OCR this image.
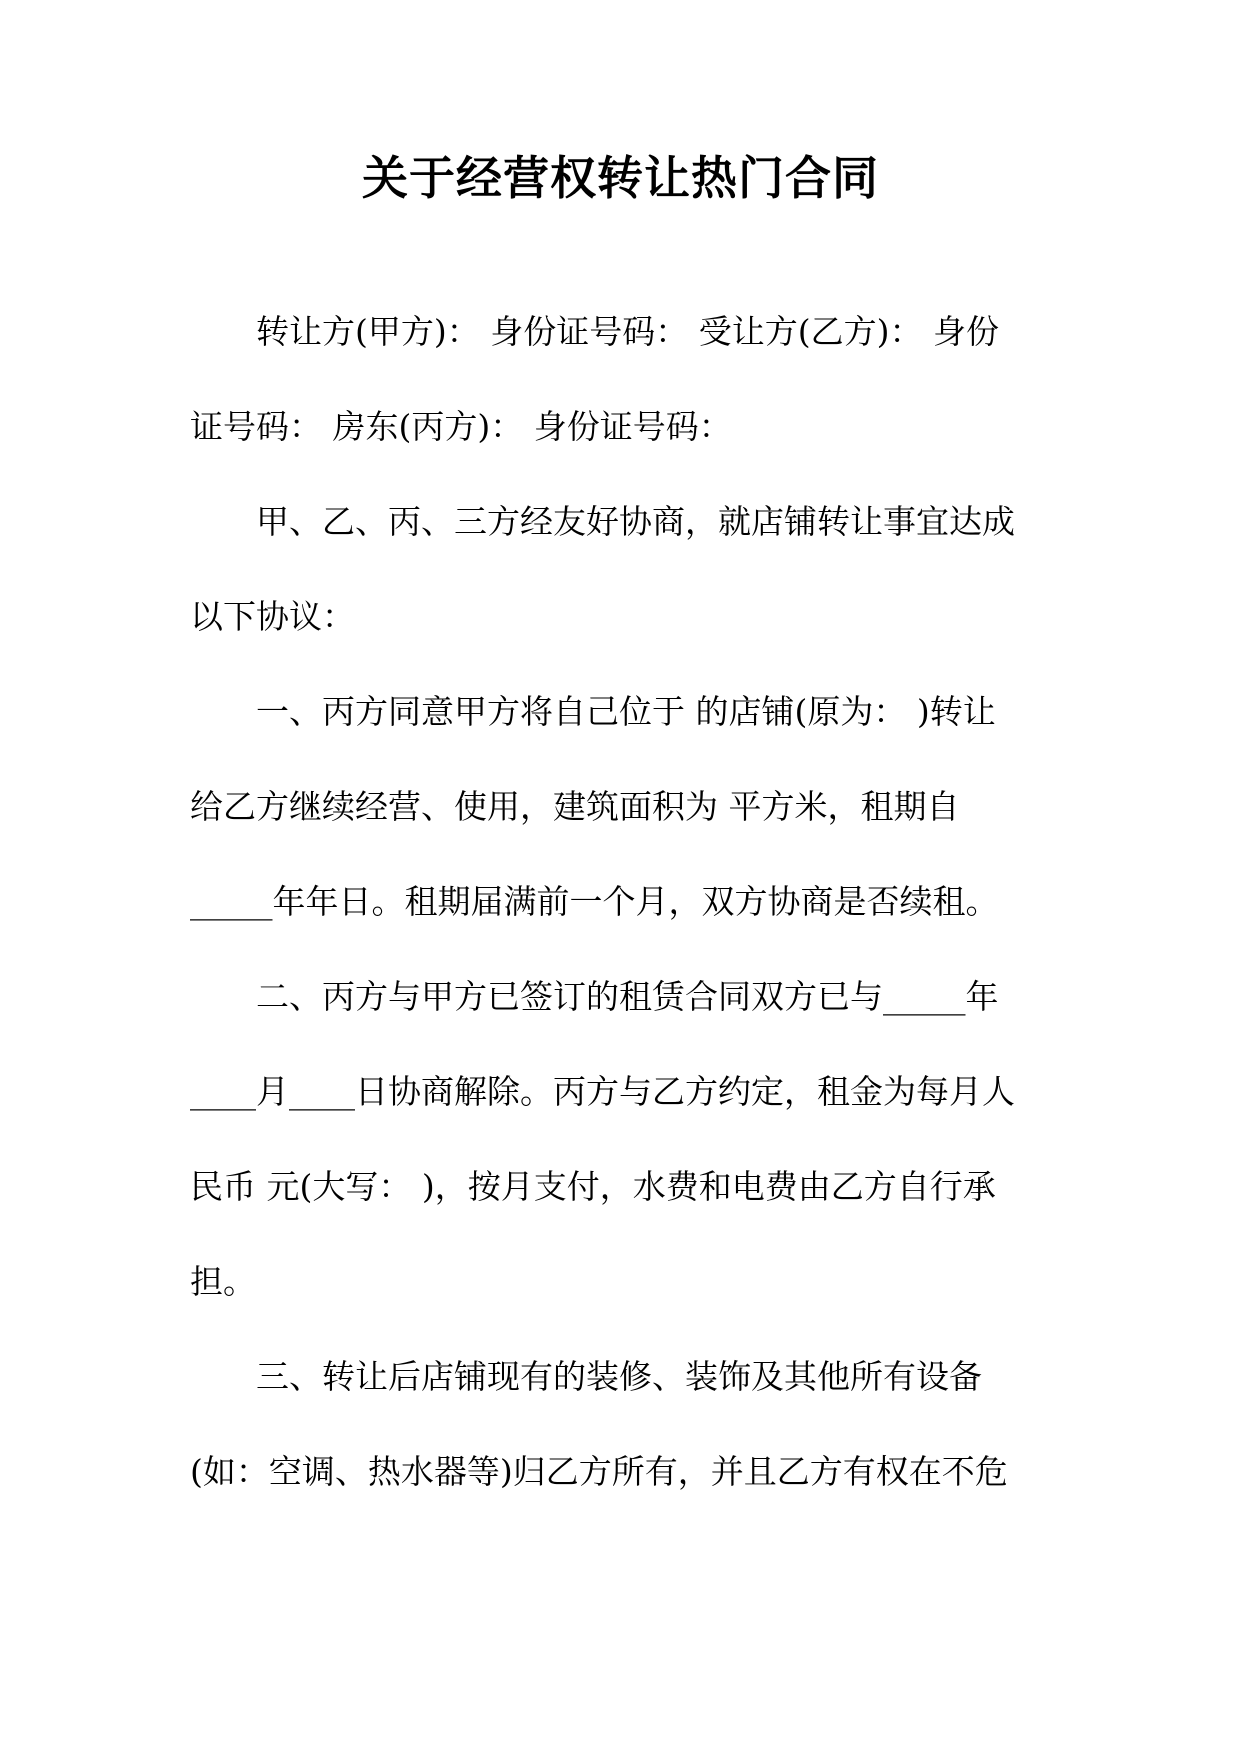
关于经营权转让热门合同
转让方(甲方)： 身份证号码： 受让方(乙方)： 身份
证号码： 房东(丙方)： 身份证号码：
甲、乙、丙、三方经友好协商，就店铺转让事宜达成
以下协议：
一、丙方同意甲方将自己位于 的店铺(原为： )转让
给乙方继续经营、使用，建筑面积为 平方米，租期自
_____年年日。租期届满前一个月，双方协商是否续租。
二、丙方与甲方已签订的租赁合同双方已与_____年
____月____日协商解除。丙方与乙方约定，租金为每月人
民币 元(大写： )，按月支付，水费和电费由乙方自行承
担。
三、转让后店铺现有的装修、装饰及其他所有设备
(如：空调、热水器等)归乙方所有，并且乙方有权在不危
